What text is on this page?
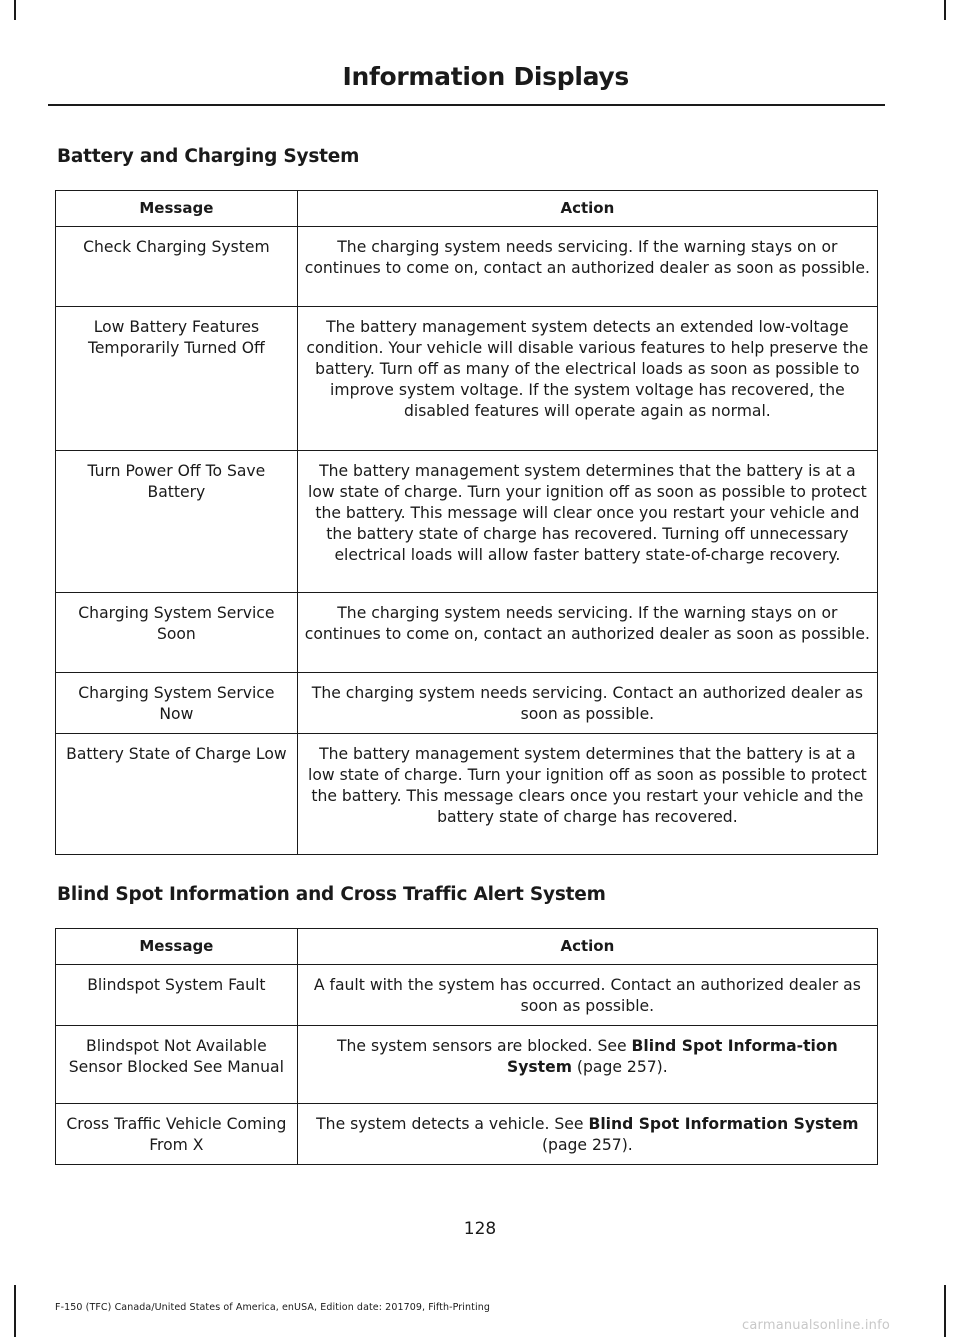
Information Displays
Battery and Charging System
Message	Action
Check Charging System	The charging system needs servicing. If the warning stays on or continues to come on, contact an authorized dealer as soon as possible.
Low Battery Features Temporarily Turned Off	The battery management system detects an extended low-voltage condition. Your vehicle will disable various features to help preserve the battery. Turn off as many of the electrical loads as soon as possible to improve system voltage. If the system voltage has recovered, the disabled features will operate again as normal.
Turn Power Off To Save Battery	The battery management system determines that the battery is at a low state of charge. Turn your ignition off as soon as possible to protect the battery. This message will clear once you restart your vehicle and the battery state of charge has recovered. Turning off unnecessary electrical loads will allow faster battery state-of-charge recovery.
Charging System Service Soon	The charging system needs servicing. If the warning stays on or continues to come on, contact an authorized dealer as soon as possible.
Charging System Service Now	The charging system needs servicing. Contact an authorized dealer as soon as possible.
Battery State of Charge Low	The battery management system determines that the battery is at a low state of charge. Turn your ignition off as soon as possible to protect the battery. This message clears once you restart your vehicle and the battery state of charge has recovered.
Blind Spot Information and Cross Traffic Alert System
Message	Action
Blindspot System Fault	A fault with the system has occurred. Contact an authorized dealer as soon as possible.
Blindspot Not Available Sensor Blocked See Manual	The system sensors are blocked. See Blind Spot Informa-tion System (page 257).
Cross Traffic Vehicle Coming From X	The system detects a vehicle. See Blind Spot Information System (page 257).
128
F-150 (TFC) Canada/United States of America, enUSA, Edition date: 201709, Fifth-Printing
carmanualsonline.info
